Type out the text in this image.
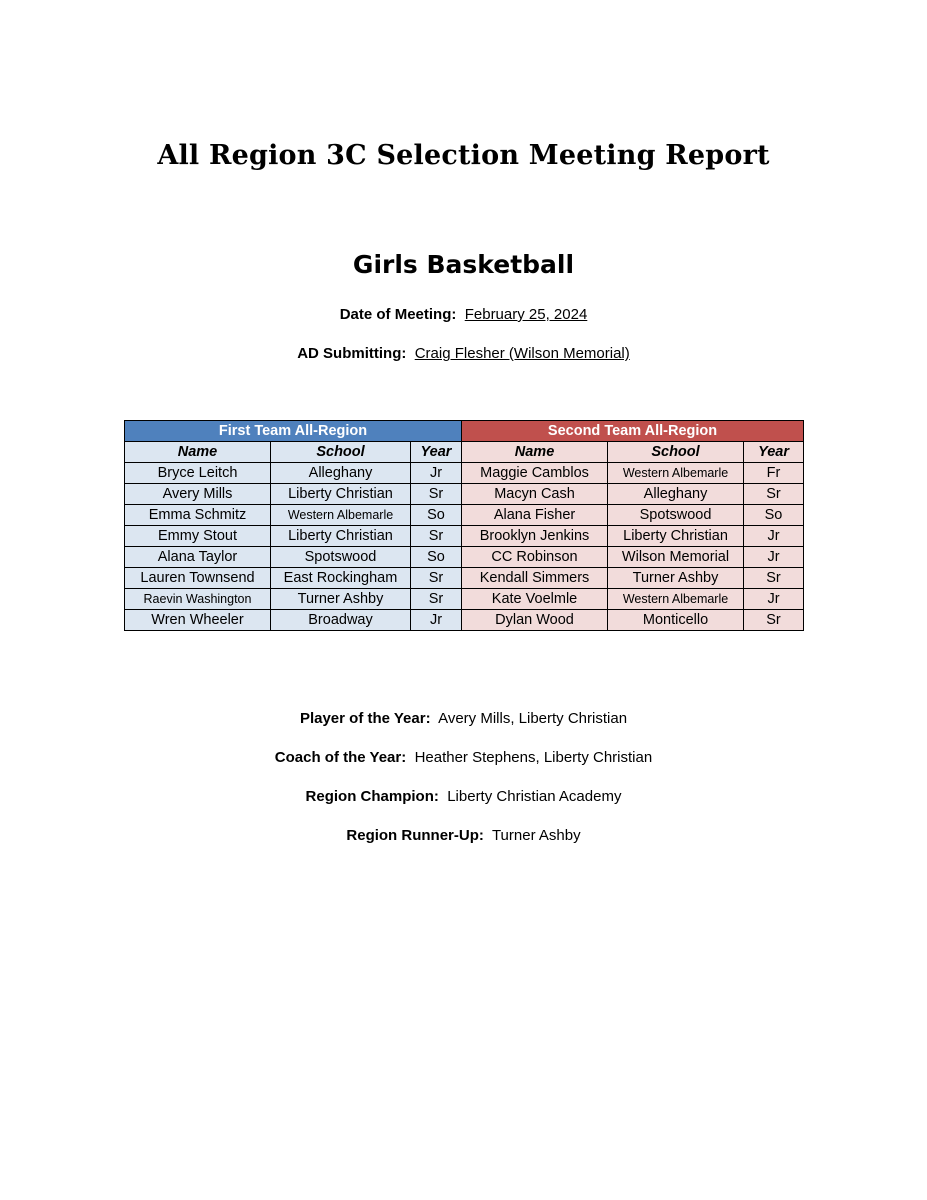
All Region 3C Selection Meeting Report
Girls Basketball
Date of Meeting: February 25, 2024
AD Submitting: Craig Flesher (Wilson Memorial)
First Team All-Region			Second Team All-Region		
Name	School	Year	Name	School	Year
Bryce Leitch	Alleghany	Jr	Maggie Camblos	Western Albemarle	Fr
Avery Mills	Liberty Christian	Sr	Macyn Cash	Alleghany	Sr
Emma Schmitz	Western Albemarle	So	Alana Fisher	Spotswood	So
Emmy Stout	Liberty Christian	Sr	Brooklyn Jenkins	Liberty Christian	Jr
Alana Taylor	Spotswood	So	CC Robinson	Wilson Memorial	Jr
Lauren Townsend	East Rockingham	Sr	Kendall Simmers	Turner Ashby	Sr
Raevin Washington	Turner Ashby	Sr	Kate Voelmle	Western Albemarle	Jr
Wren Wheeler	Broadway	Jr	Dylan Wood	Monticello	Sr
Player of the Year: Avery Mills, Liberty Christian
Coach of the Year: Heather Stephens, Liberty Christian
Region Champion: Liberty Christian Academy
Region Runner-Up: Turner Ashby
